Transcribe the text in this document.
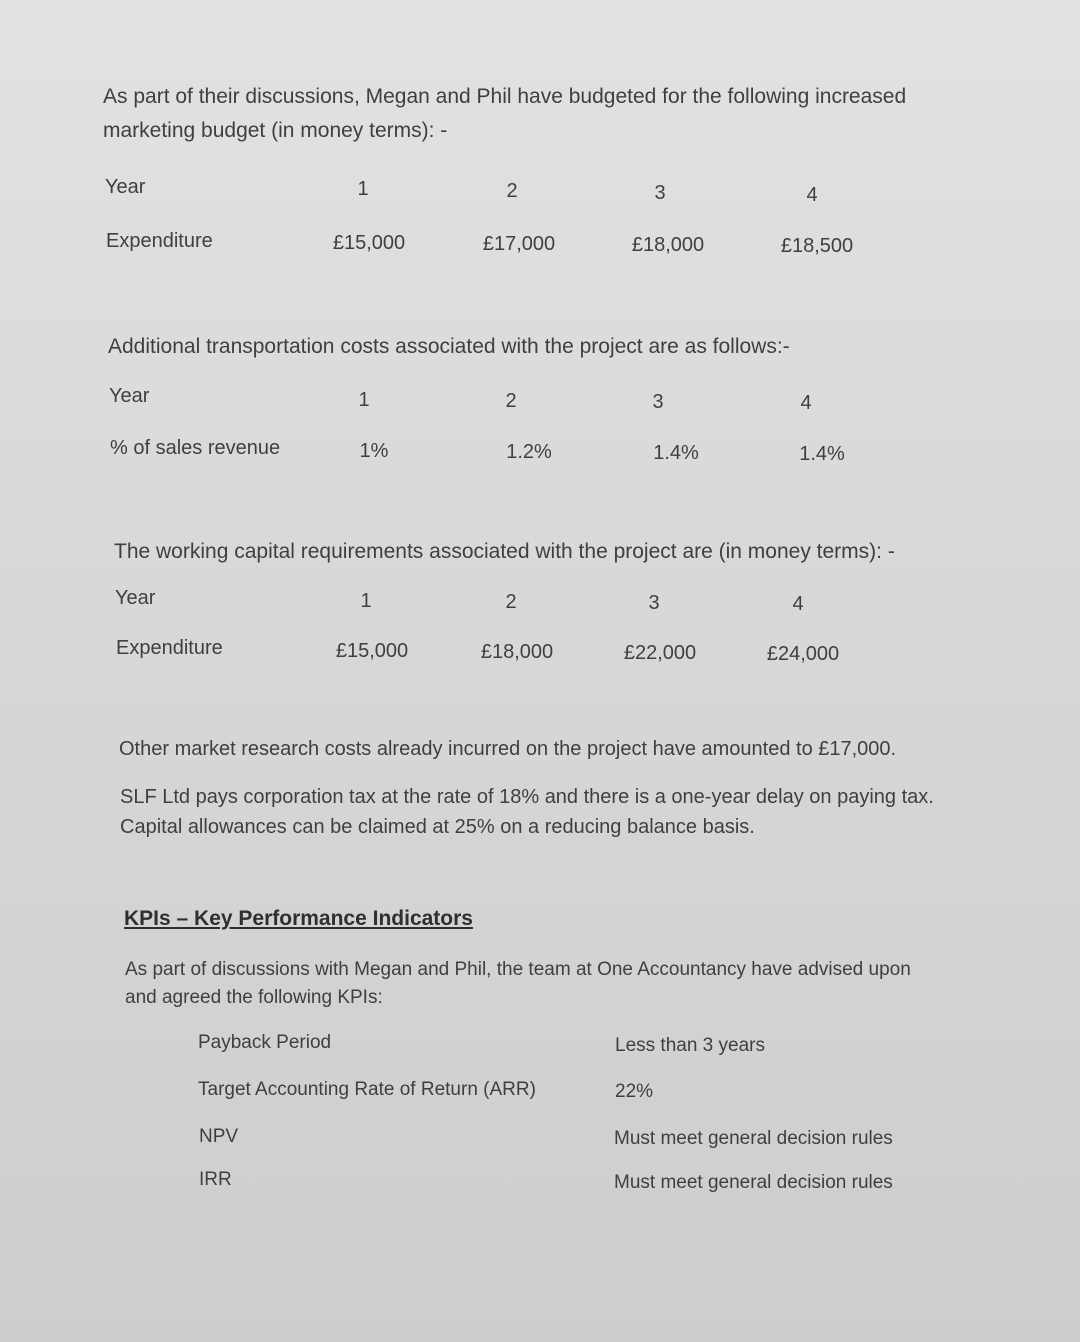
As part of their discussions, Megan and Phil have budgeted for the following increased
marketing budget (in money terms): -

Year	1	2	3	4
Expenditure	£15,000	£17,000	£18,000	£18,500

Additional transportation costs associated with the project are as follows:-

Year	1	2	3	4
% of sales revenue	1%	1.2%	1.4%	1.4%

The working capital requirements associated with the project are (in money terms): -

Year	1	2	3	4
Expenditure	£15,000	£18,000	£22,000	£24,000

Other market research costs already incurred on the project have amounted to £17,000.

SLF Ltd pays corporation tax at the rate of 18% and there is a one-year delay on paying tax.
Capital allowances can be claimed at 25% on a reducing balance basis.

KPIs – Key Performance Indicators

As part of discussions with Megan and Phil, the team at One Accountancy have advised upon
and agreed the following KPIs:

Payback Period	Less than 3 years
Target Accounting Rate of Return (ARR)	22%
NPV	Must meet general decision rules
IRR	Must meet general decision rules
